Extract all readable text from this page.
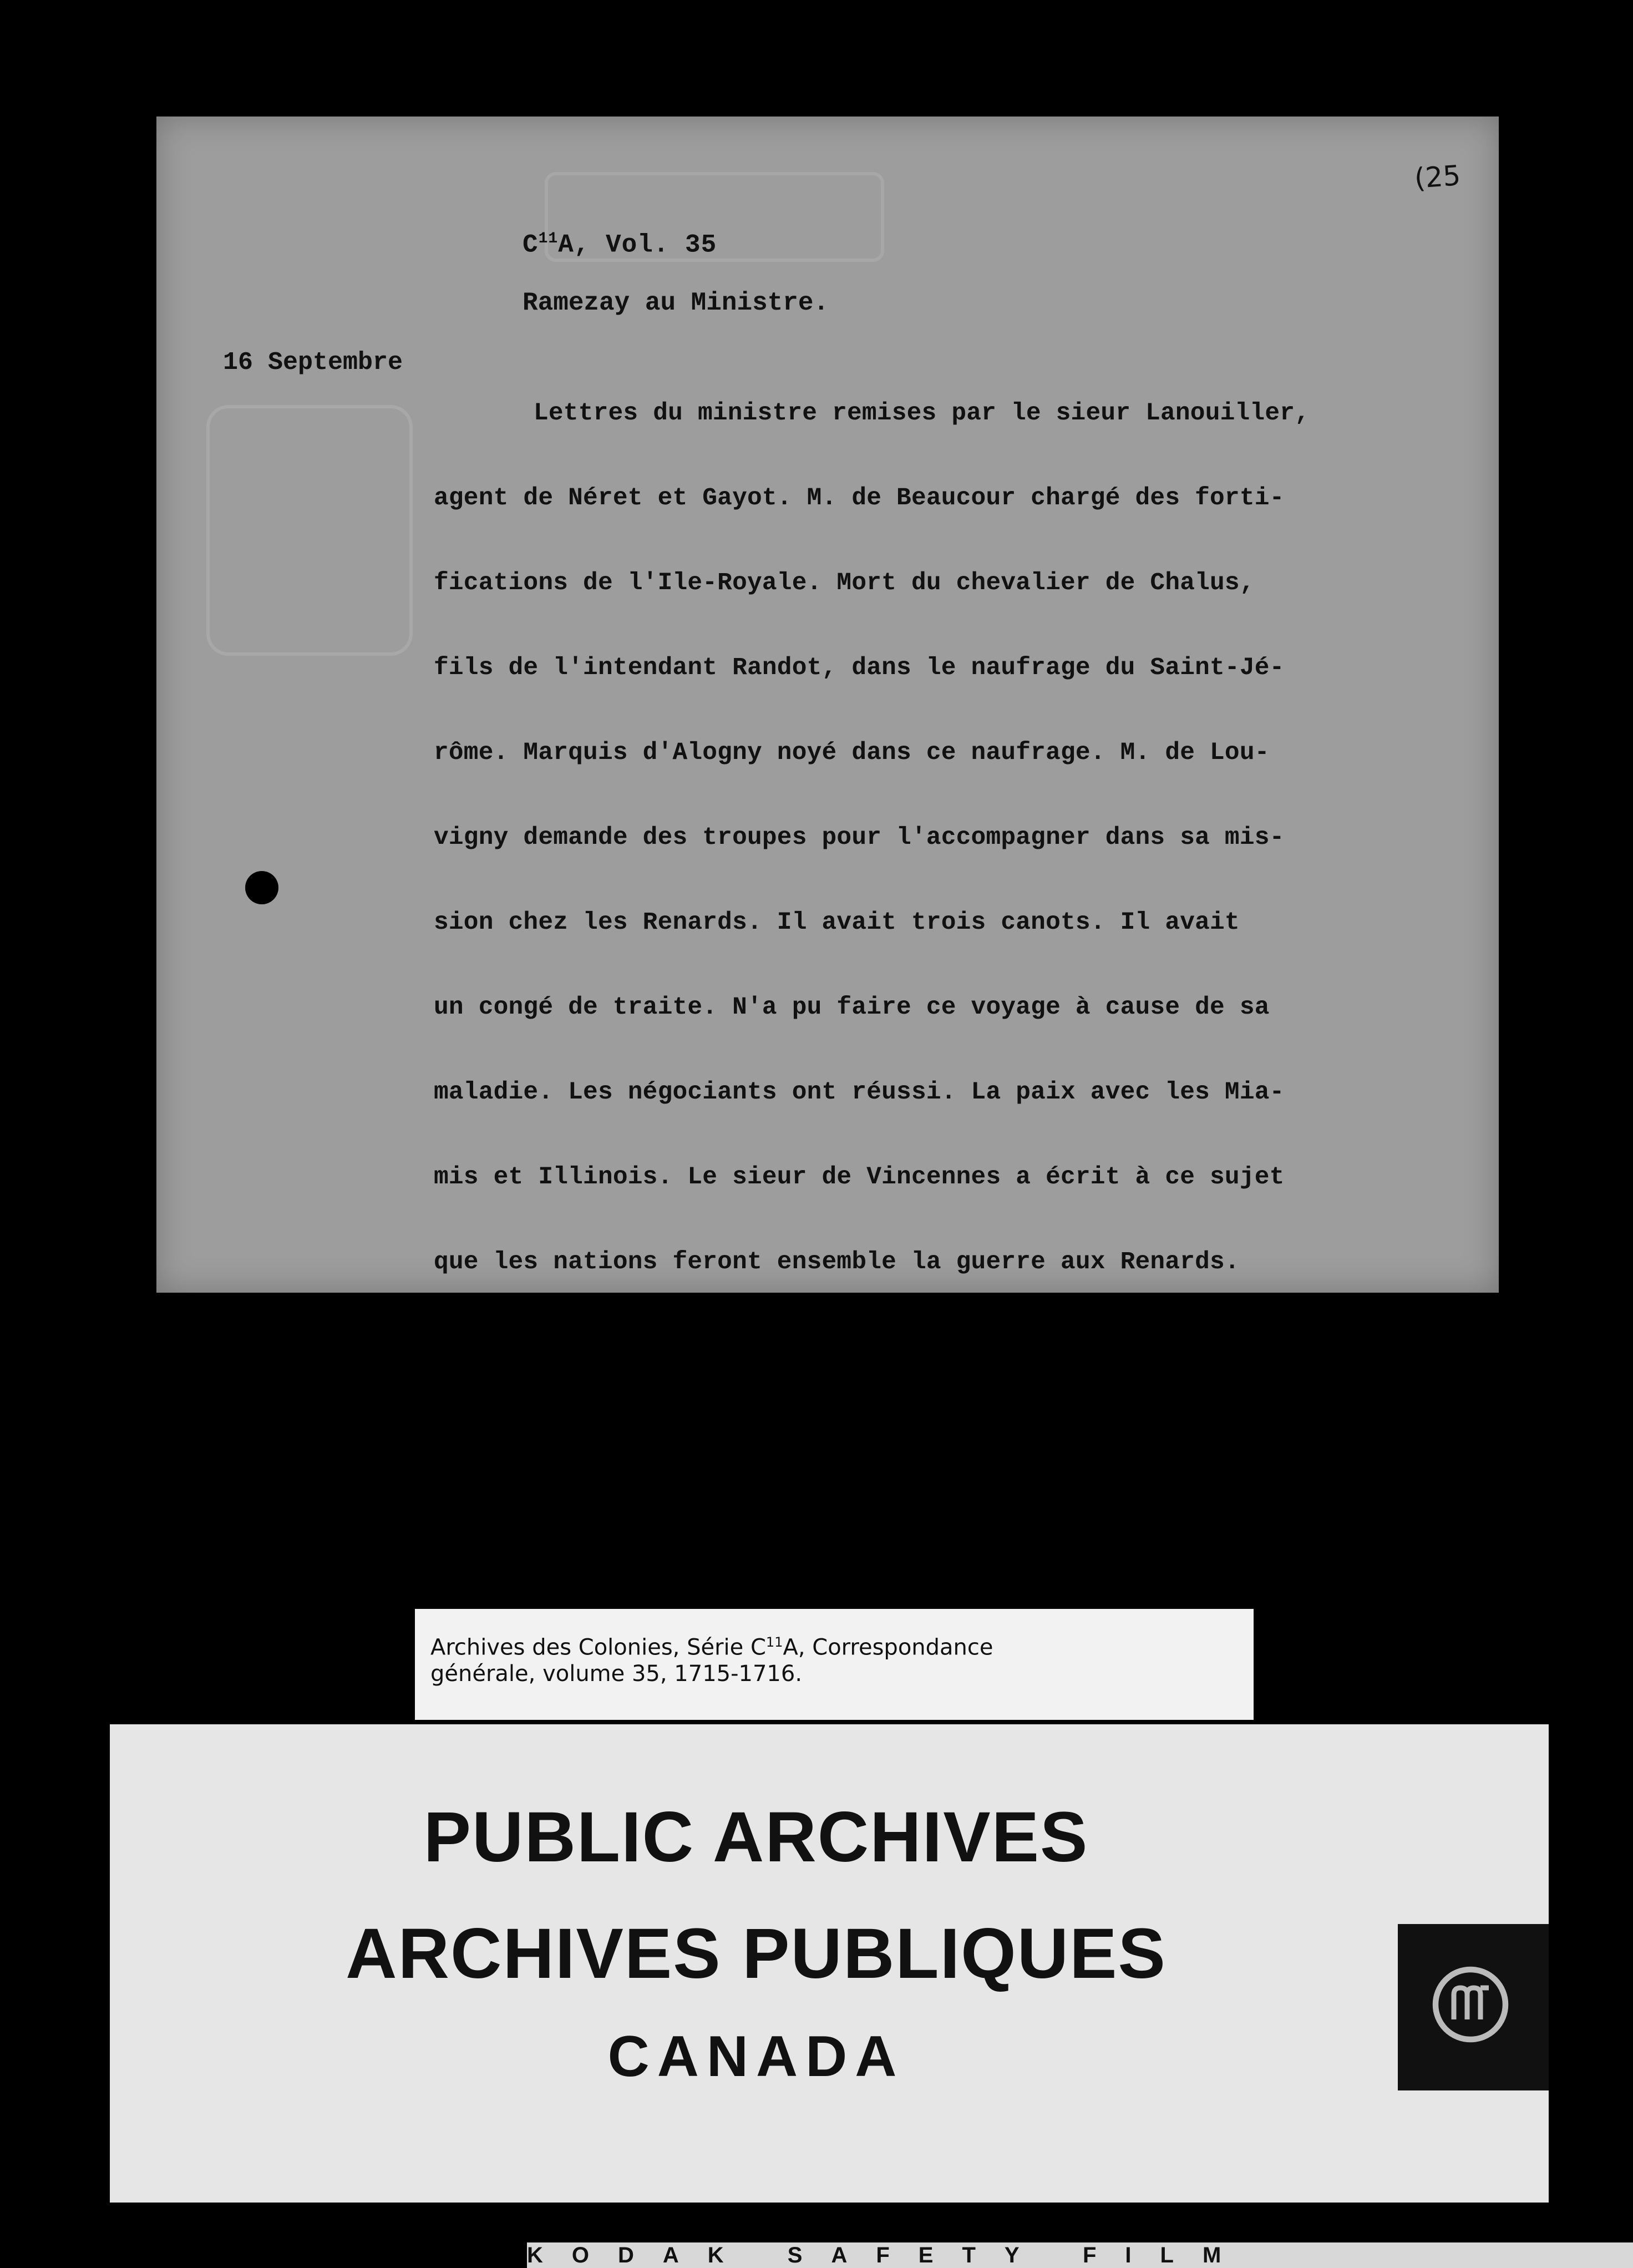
(25
$C^{11}A$, Vol. 35
Ramezay au Ministre.
16 Septembre

Lettres du ministre remises par le sieur Lanouiller,

agent de Néret et Gayot. M. de Beaucour chargé des forti-

fications de l'Ile-Royale. Mort du chevalier de Chalus,

fils de l'intendant Randot, dans le naufrage du Saint-Jé-

rôme. Marquis d'Alogny noyé dans ce naufrage. M. de Lou-

vigny demande des troupes pour l'accompagner dans sa mis-

sion chez les Renards. Il avait trois canots. Il avait

un congé de traite. N'a pu faire ce voyage à cause de sa

maladie. Les négociants ont réussi. La paix avec les Mia-

mis et Illinois. Le sieur de Vincennes a écrit à ce sujet

que les nations feront ensemble la guerre aux Renards.

Archives des Colonies, Série $C^{11}A$, Correspondance
générale, volume 35, 1715-1716.
PUBLIC ARCHIVES
ARCHIVES PUBLIQUES
CANADA
KODAK SAFETY FILM
